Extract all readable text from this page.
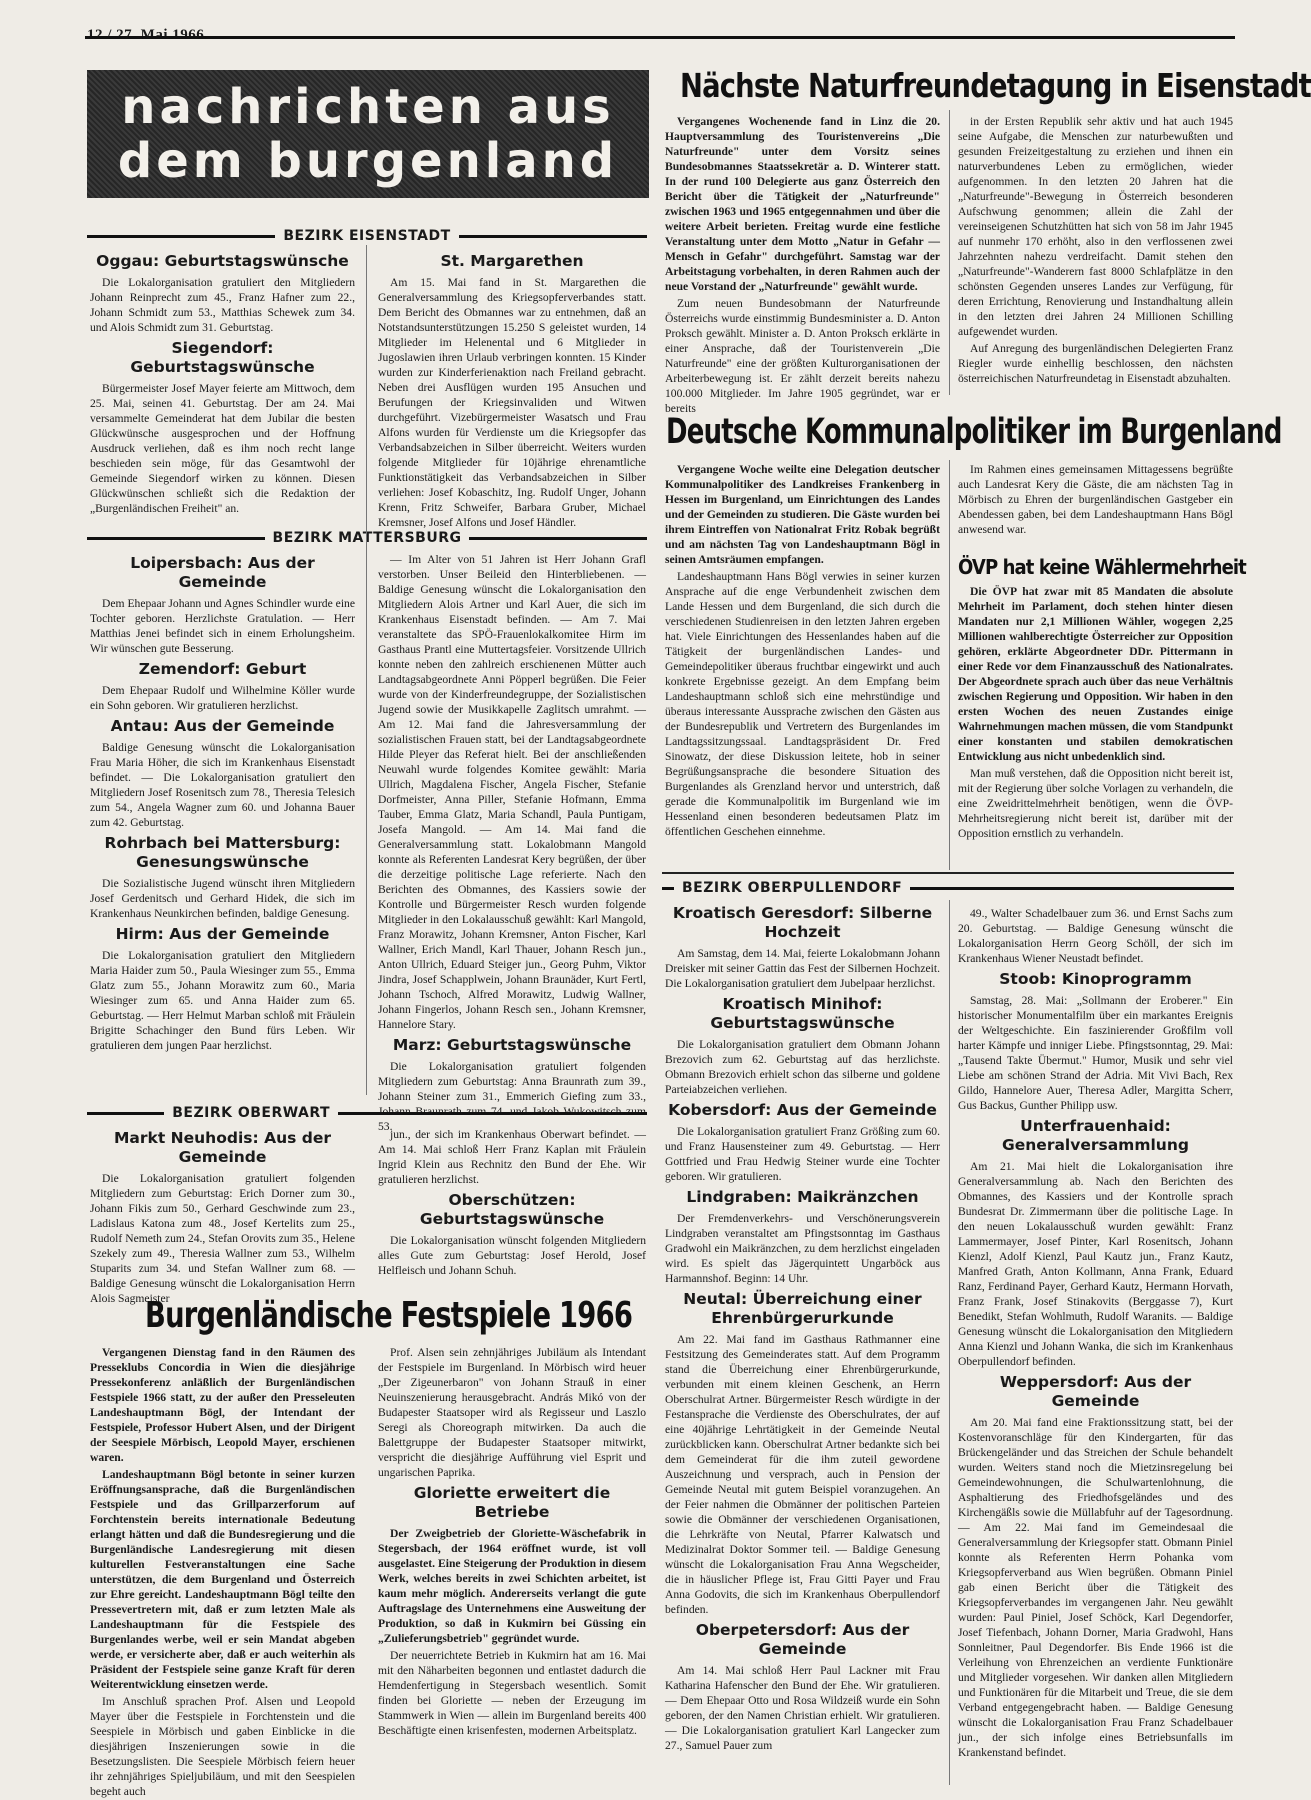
12 / 27. Mai 1966
nachrichten aus
dem burgenland
Nächste Naturfreundetagung in Eisenstadt

Vergangenes Wochenende fand in Linz die 20. Hauptversammlung des Touristenvereins „Die Naturfreunde" unter dem Vorsitz seines Bundesobmannes Staatssekretär a. D. Winterer statt. In der rund 100 Delegierte aus ganz Österreich den Bericht über die Tätigkeit der „Naturfreunde" zwischen 1963 und 1965 entgegennahmen und über die weitere Arbeit berieten. Freitag wurde eine festliche Veranstaltung unter dem Motto „Natur in Gefahr — Mensch in Gefahr" durchgeführt. Samstag war der Arbeitstagung vorbehalten, in deren Rahmen auch der neue Vorstand der „Naturfreunde" gewählt wurde.

Zum neuen Bundesobmann der Naturfreunde Österreichs wurde einstimmig Bundesminister a. D. Anton Proksch gewählt. Minister a. D. Anton Proksch erklärte in einer Ansprache, daß der Touristenverein „Die Naturfreunde" eine der größten Kulturorganisationen der Arbeiterbewegung ist. Er zählt derzeit bereits nahezu 100.000 Mitglieder. Im Jahre 1905 gegründet, war er bereits

in der Ersten Republik sehr aktiv und hat auch 1945 seine Aufgabe, die Menschen zur naturbewußten und gesunden Freizeitgestaltung zu erziehen und ihnen ein naturverbundenes Leben zu ermöglichen, wieder aufgenommen. In den letzten 20 Jahren hat die „Naturfreunde"-Bewegung in Österreich besonderen Aufschwung genommen; allein die Zahl der vereinseigenen Schutzhütten hat sich von 58 im Jahr 1945 auf nunmehr 170 erhöht, also in den verflossenen zwei Jahrzehnten nahezu verdreifacht. Damit stehen den „Naturfreunde"-Wanderern fast 8000 Schlafplätze in den schönsten Gegenden unseres Landes zur Verfügung, für deren Errichtung, Renovierung und Instandhaltung allein in den letzten drei Jahren 24 Millionen Schilling aufgewendet wurden.

Auf Anregung des burgenländischen Delegierten Franz Riegler wurde einhellig beschlossen, den nächsten österreichischen Naturfreundetag in Eisenstadt abzuhalten.

Deutsche Kommunalpolitiker im Burgenland

Vergangene Woche weilte eine Delegation deutscher Kommunalpolitiker des Landkreises Frankenberg in Hessen im Burgenland, um Einrichtungen des Landes und der Gemeinden zu studieren. Die Gäste wurden bei ihrem Eintreffen von Nationalrat Fritz Robak begrüßt und am nächsten Tag von Landeshauptmann Bögl in seinen Amtsräumen empfangen.

Landeshauptmann Hans Bögl verwies in seiner kurzen Ansprache auf die enge Verbundenheit zwischen dem Lande Hessen und dem Burgenland, die sich durch die verschiedenen Studienreisen in den letzten Jahren ergeben hat. Viele Einrichtungen des Hessenlandes haben auf die Tätigkeit der burgenländischen Landes- und Gemeindepolitiker überaus fruchtbar eingewirkt und auch konkrete Ergebnisse gezeigt. An dem Empfang beim Landeshauptmann schloß sich eine mehrstündige und überaus interessante Aussprache zwischen den Gästen aus der Bundesrepublik und Vertretern des Burgenlandes im Landtagssitzungssaal. Landtagspräsident Dr. Fred Sinowatz, der diese Diskussion leitete, hob in seiner Begrüßungsansprache die besondere Situation des Burgenlandes als Grenzland hervor und unterstrich, daß gerade die Kommunalpolitik im Burgenland wie im Hessenland einen besonderen bedeutsamen Platz im öffentlichen Geschehen einnehme.

Im Rahmen eines gemeinsamen Mittagessens begrüßte auch Landesrat Kery die Gäste, die am nächsten Tag in Mörbisch zu Ehren der burgenländischen Gastgeber ein Abendessen gaben, bei dem Landeshauptmann Hans Bögl anwesend war.

ÖVP hat keine Wählermehrheit

Die ÖVP hat zwar mit 85 Mandaten die absolute Mehrheit im Parlament, doch stehen hinter diesen Mandaten nur 2,1 Millionen Wähler, wogegen 2,25 Millionen wahlberechtigte Österreicher zur Opposition gehören, erklärte Abgeordneter DDr. Pittermann in einer Rede vor dem Finanzausschuß des Nationalrates. Der Abgeordnete sprach auch über das neue Verhältnis zwischen Regierung und Opposition. Wir haben in den ersten Wochen des neuen Zustandes einige Wahrnehmungen machen müssen, die vom Standpunkt einer konstanten und stabilen demokratischen Entwicklung aus nicht unbedenklich sind.

Man muß verstehen, daß die Opposition nicht bereit ist, mit der Regierung über solche Vorlagen zu verhandeln, die eine Zweidrittelmehrheit benötigen, wenn die ÖVP-Mehrheitsregierung nicht bereit ist, darüber mit der Opposition ernstlich zu verhandeln.

BEZIRK EISENSTADT
Oggau: Geburtstagswünsche

Die Lokalorganisation gratuliert den Mitgliedern Johann Reinprecht zum 45., Franz Hafner zum 22., Johann Schmidt zum 53., Matthias Schewek zum 34. und Alois Schmidt zum 31. Geburtstag.

Siegendorf: Geburtstagswünsche

Bürgermeister Josef Mayer feierte am Mittwoch, dem 25. Mai, seinen 41. Geburtstag. Der am 24. Mai versammelte Gemeinderat hat dem Jubilar die besten Glückwünsche ausgesprochen und der Hoffnung Ausdruck verliehen, daß es ihm noch recht lange beschieden sein möge, für das Gesamtwohl der Gemeinde Siegendorf wirken zu können. Diesen Glückwünschen schließt sich die Redaktion der „Burgenländischen Freiheit" an.

St. Margarethen

Am 15. Mai fand in St. Margarethen die Generalversammlung des Kriegsopferverbandes statt. Dem Bericht des Obmannes war zu entnehmen, daß an Notstandsunterstützungen 15.250 S geleistet wurden, 14 Mitglieder im Helenental und 6 Mitglieder in Jugoslawien ihren Urlaub verbringen konnten. 15 Kinder wurden zur Kinderferienaktion nach Freiland gebracht. Neben drei Ausflügen wurden 195 Ansuchen und Berufungen der Kriegsinvaliden und Witwen durchgeführt. Vizebürgermeister Wasatsch und Frau Alfons wurden für Verdienste um die Kriegsopfer das Verbandsabzeichen in Silber überreicht. Weiters wurden folgende Mitglieder für 10jährige ehrenamtliche Funktionstätigkeit das Verbandsabzeichen in Silber verliehen: Josef Kobaschitz, Ing. Rudolf Unger, Johann Krenn, Fritz Schweifer, Barbara Gruber, Michael Kremsner, Josef Alfons und Josef Händler.

BEZIRK MATTERSBURG
Loipersbach: Aus der Gemeinde

Dem Ehepaar Johann und Agnes Schindler wurde eine Tochter geboren. Herzlichste Gratulation. — Herr Matthias Jenei befindet sich in einem Erholungsheim. Wir wünschen gute Besserung.

Zemendorf: Geburt

Dem Ehepaar Rudolf und Wilhelmine Köller wurde ein Sohn geboren. Wir gratulieren herzlichst.

Antau: Aus der Gemeinde

Baldige Genesung wünscht die Lokalorganisation Frau Maria Höher, die sich im Krankenhaus Eisenstadt befindet. — Die Lokalorganisation gratuliert den Mitgliedern Josef Rosenitsch zum 78., Theresia Telesich zum 54., Angela Wagner zum 60. und Johanna Bauer zum 42. Geburtstag.

Rohrbach bei Mattersburg: Genesungswünsche

Die Sozialistische Jugend wünscht ihren Mitgliedern Josef Gerdenitsch und Gerhard Hidek, die sich im Krankenhaus Neunkirchen befinden, baldige Genesung.

Hirm: Aus der Gemeinde

Die Lokalorganisation gratuliert den Mitgliedern Maria Haider zum 50., Paula Wiesinger zum 55., Emma Glatz zum 55., Johann Morawitz zum 60., Maria Wiesinger zum 65. und Anna Haider zum 65. Geburtstag. — Herr Helmut Marban schloß mit Fräulein Brigitte Schachinger den Bund fürs Leben. Wir gratulieren dem jungen Paar herzlichst.

— Im Alter von 51 Jahren ist Herr Johann Grafl verstorben. Unser Beileid den Hinterbliebenen. — Baldige Genesung wünscht die Lokalorganisation den Mitgliedern Alois Artner und Karl Auer, die sich im Krankenhaus Eisenstadt befinden. — Am 7. Mai veranstaltete das SPÖ-Frauenlokalkomitee Hirm im Gasthaus Prantl eine Muttertagsfeier. Vorsitzende Ullrich konnte neben den zahlreich erschienenen Mütter auch Landtagsabgeordnete Anni Pöpperl begrüßen. Die Feier wurde von der Kinderfreundegruppe, der Sozialistischen Jugend sowie der Musikkapelle Zaglitsch umrahmt. — Am 12. Mai fand die Jahresversammlung der sozialistischen Frauen statt, bei der Landtagsabgeordnete Hilde Pleyer das Referat hielt. Bei der anschließenden Neuwahl wurde folgendes Komitee gewählt: Maria Ullrich, Magdalena Fischer, Angela Fischer, Stefanie Dorfmeister, Anna Piller, Stefanie Hofmann, Emma Tauber, Emma Glatz, Maria Schandl, Paula Puntigam, Josefa Mangold. — Am 14. Mai fand die Generalversammlung statt. Lokalobmann Mangold konnte als Referenten Landesrat Kery begrüßen, der über die derzeitige politische Lage referierte. Nach den Berichten des Obmannes, des Kassiers sowie der Kontrolle und Bürgermeister Resch wurden folgende Mitglieder in den Lokalausschuß gewählt: Karl Mangold, Franz Morawitz, Johann Kremsner, Anton Fischer, Karl Wallner, Erich Mandl, Karl Thauer, Johann Resch jun., Anton Ullrich, Eduard Steiger jun., Georg Puhm, Viktor Jindra, Josef Schapplwein, Johann Braunäder, Kurt Fertl, Johann Tschoch, Alfred Morawitz, Ludwig Wallner, Johann Fingerlos, Johann Resch sen., Johann Kremsner, Hannelore Stary.

Marz: Geburtstagswünsche

Die Lokalorganisation gratuliert folgenden Mitgliedern zum Geburtstag: Anna Braunrath zum 39., Johann Steiner zum 31., Emmerich Giefing zum 33., Johann Braunrath zum 74. und Jakob Wukowitsch zum 53.

BEZIRK OBERWART
Markt Neuhodis: Aus der Gemeinde

Die Lokalorganisation gratuliert folgenden Mitgliedern zum Geburtstag: Erich Dorner zum 30., Johann Fikis zum 50., Gerhard Geschwinde zum 23., Ladislaus Katona zum 48., Josef Kertelits zum 25., Rudolf Nemeth zum 24., Stefan Orovits zum 35., Helene Szekely zum 49., Theresia Wallner zum 53., Wilhelm Stuparits zum 34. und Stefan Wallner zum 68. — Baldige Genesung wünscht die Lokalorganisation Herrn Alois Sagmeister

jun., der sich im Krankenhaus Oberwart befindet. — Am 14. Mai schloß Herr Franz Kaplan mit Fräulein Ingrid Klein aus Rechnitz den Bund der Ehe. Wir gratulieren herzlichst.

Oberschützen: Geburtstagswünsche

Die Lokalorganisation wünscht folgenden Mitgliedern alles Gute zum Geburtstag: Josef Herold, Josef Helfleisch und Johann Schuh.

Burgenländische Festspiele 1966

Vergangenen Dienstag fand in den Räumen des Presseklubs Concordia in Wien die diesjährige Pressekonferenz anläßlich der Burgenländischen Festspiele 1966 statt, zu der außer den Presseleuten Landeshauptmann Bögl, der Intendant der Festspiele, Professor Hubert Alsen, und der Dirigent der Seespiele Mörbisch, Leopold Mayer, erschienen waren.

Landeshauptmann Bögl betonte in seiner kurzen Eröffnungsansprache, daß die Burgenländischen Festspiele und das Grillparzerforum auf Forchtenstein bereits internationale Bedeutung erlangt hätten und daß die Bundesregierung und die Burgenländische Landesregierung mit diesen kulturellen Festveranstaltungen eine Sache unterstützen, die dem Burgenland und Österreich zur Ehre gereicht. Landeshauptmann Bögl teilte den Pressevertretern mit, daß er zum letzten Male als Landeshauptmann für die Festspiele des Burgenlandes werbe, weil er sein Mandat abgeben werde, er versicherte aber, daß er auch weiterhin als Präsident der Festspiele seine ganze Kraft für deren Weiterentwicklung einsetzen werde.

Im Anschluß sprachen Prof. Alsen und Leopold Mayer über die Festspiele in Forchtenstein und die Seespiele in Mörbisch und gaben Einblicke in die diesjährigen Inszenierungen sowie in die Besetzungslisten. Die Seespiele Mörbisch feiern heuer ihr zehnjähriges Spieljubiläum, und mit den Seespielen begeht auch

Prof. Alsen sein zehnjähriges Jubiläum als Intendant der Festspiele im Burgenland. In Mörbisch wird heuer „Der Zigeunerbaron" von Johann Strauß in einer Neuinszenierung herausgebracht. András Mikó von der Budapester Staatsoper wird als Regisseur und Laszlo Seregi als Choreograph mitwirken. Da auch die Balettgruppe der Budapester Staatsoper mitwirkt, verspricht die diesjährige Aufführung viel Esprit und ungarischen Paprika.

Gloriette erweitert die Betriebe

Der Zweigbetrieb der Gloriette-Wäschefabrik in Stegersbach, der 1964 eröffnet wurde, ist voll ausgelastet. Eine Steigerung der Produktion in diesem Werk, welches bereits in zwei Schichten arbeitet, ist kaum mehr möglich. Andererseits verlangt die gute Auftragslage des Unternehmens eine Ausweitung der Produktion, so daß in Kukmirn bei Güssing ein „Zulieferungsbetrieb" gegründet wurde.

Der neuerrichtete Betrieb in Kukmirn hat am 16. Mai mit den Näharbeiten begonnen und entlastet dadurch die Hemdenfertigung in Stegersbach wesentlich. Somit finden bei Gloriette — neben der Erzeugung im Stammwerk in Wien — allein im Burgenland bereits 400 Beschäftigte einen krisenfesten, modernen Arbeitsplatz.

BEZIRK OBERPULLENDORF
Kroatisch Geresdorf: Silberne Hochzeit

Am Samstag, dem 14. Mai, feierte Lokalobmann Johann Dreisker mit seiner Gattin das Fest der Silbernen Hochzeit. Die Lokalorganisation gratuliert dem Jubelpaar herzlichst.

Kroatisch Minihof: Geburtstagswünsche

Die Lokalorganisation gratuliert dem Obmann Johann Brezovich zum 62. Geburtstag auf das herzlichste. Obmann Brezovich erhielt schon das silberne und goldene Parteiabzeichen verliehen.

Kobersdorf: Aus der Gemeinde

Die Lokalorganisation gratuliert Franz Größing zum 60. und Franz Hausensteiner zum 49. Geburtstag. — Herr Gottfried und Frau Hedwig Steiner wurde eine Tochter geboren. Wir gratulieren.

Lindgraben: Maikränzchen

Der Fremdenverkehrs- und Verschönerungsverein Lindgraben veranstaltet am Pfingstsonntag im Gasthaus Gradwohl ein Maikränzchen, zu dem herzlichst eingeladen wird. Es spielt das Jägerquintett Ungarböck aus Harmannshof. Beginn: 14 Uhr.

Neutal: Überreichung einer Ehrenbürgerurkunde

Am 22. Mai fand im Gasthaus Rathmanner eine Festsitzung des Gemeinderates statt. Auf dem Programm stand die Überreichung einer Ehrenbürgerurkunde, verbunden mit einem kleinen Geschenk, an Herrn Oberschulrat Artner. Bürgermeister Resch würdigte in der Festansprache die Verdienste des Oberschulrates, der auf eine 40jährige Lehrtätigkeit in der Gemeinde Neutal zurückblicken kann. Oberschulrat Artner bedankte sich bei dem Gemeinderat für die ihm zuteil gewordene Auszeichnung und versprach, auch in Pension der Gemeinde Neutal mit gutem Beispiel voranzugehen. An der Feier nahmen die Obmänner der politischen Parteien sowie die Obmänner der verschiedenen Organisationen, die Lehrkräfte von Neutal, Pfarrer Kalwatsch und Medizinalrat Doktor Sommer teil. — Baldige Genesung wünscht die Lokalorganisation Frau Anna Wegscheider, die in häuslicher Pflege ist, Frau Gitti Payer und Frau Anna Godovits, die sich im Krankenhaus Oberpullendorf befinden.

Oberpetersdorf: Aus der Gemeinde

Am 14. Mai schloß Herr Paul Lackner mit Frau Katharina Hafenscher den Bund der Ehe. Wir gratulieren. — Dem Ehepaar Otto und Rosa Wildzeiß wurde ein Sohn geboren, der den Namen Christian erhielt. Wir gratulieren. — Die Lokalorganisation gratuliert Karl Langecker zum 27., Samuel Pauer zum

49., Walter Schadelbauer zum 36. und Ernst Sachs zum 20. Geburtstag. — Baldige Genesung wünscht die Lokalorganisation Herrn Georg Schöll, der sich im Krankenhaus Wiener Neustadt befindet.

Stoob: Kinoprogramm

Samstag, 28. Mai: „Sollmann der Eroberer." Ein historischer Monumentalfilm über ein markantes Ereignis der Weltgeschichte. Ein faszinierender Großfilm voll harter Kämpfe und inniger Liebe. Pfingstsonntag, 29. Mai: „Tausend Takte Übermut." Humor, Musik und sehr viel Liebe am schönen Strand der Adria. Mit Vivi Bach, Rex Gildo, Hannelore Auer, Theresa Adler, Margitta Scherr, Gus Backus, Gunther Philipp usw.

Unterfrauenhaid: Generalversammlung

Am 21. Mai hielt die Lokalorganisation ihre Generalversammlung ab. Nach den Berichten des Obmannes, des Kassiers und der Kontrolle sprach Bundesrat Dr. Zimmermann über die politische Lage. In den neuen Lokalausschuß wurden gewählt: Franz Lammermayer, Josef Pinter, Karl Rosenitsch, Johann Kienzl, Adolf Kienzl, Paul Kautz jun., Franz Kautz, Manfred Grath, Anton Kollmann, Anna Frank, Eduard Ranz, Ferdinand Payer, Gerhard Kautz, Hermann Horvath, Franz Frank, Josef Stinakovits (Berggasse 7), Kurt Benedikt, Stefan Wohlmuth, Rudolf Waranits. — Baldige Genesung wünscht die Lokalorganisation den Mitgliedern Anna Kienzl und Johann Wanka, die sich im Krankenhaus Oberpullendorf befinden.

Weppersdorf: Aus der Gemeinde

Am 20. Mai fand eine Fraktionssitzung statt, bei der Kostenvoranschläge für den Kindergarten, für das Brückengeländer und das Streichen der Schule behandelt wurden. Weiters stand noch die Mietzinsregelung bei Gemeindewohnungen, die Schulwartenlohnung, die Asphaltierung des Friedhofsgeländes und des Kirchengäßls sowie die Müllabfuhr auf der Tagesordnung. — Am 22. Mai fand im Gemeindesaal die Generalversammlung der Kriegsopfer statt. Obmann Piniel konnte als Referenten Herrn Pohanka vom Kriegsopferverband aus Wien begrüßen. Obmann Piniel gab einen Bericht über die Tätigkeit des Kriegsopferverbandes im vergangenen Jahr. Neu gewählt wurden: Paul Piniel, Josef Schöck, Karl Degendorfer, Josef Tiefenbach, Johann Dorner, Maria Gradwohl, Hans Sonnleitner, Paul Degendorfer. Bis Ende 1966 ist die Verleihung von Ehrenzeichen an verdiente Funktionäre und Mitglieder vorgesehen. Wir danken allen Mitgliedern und Funktionären für die Mitarbeit und Treue, die sie dem Verband entgegengebracht haben. — Baldige Genesung wünscht die Lokalorganisation Frau Franz Schadelbauer jun., der sich infolge eines Betriebsunfalls im Krankenstand befindet.
